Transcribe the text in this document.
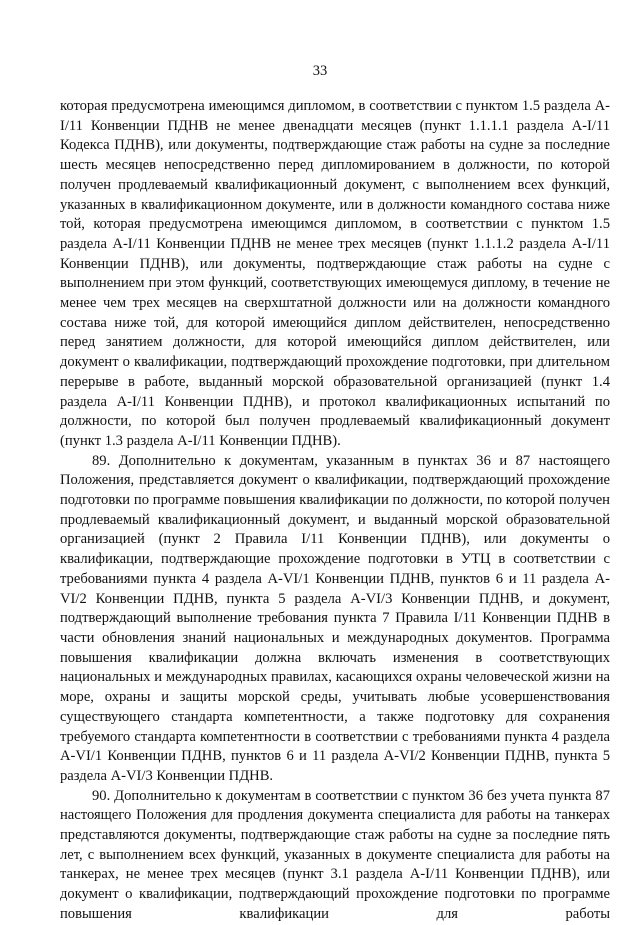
33

которая предусмотрена имеющимся дипломом, в соответствии с пунктом 1.5 раздела A-I/11 Конвенции ПДНВ не менее двенадцати месяцев (пункт 1.1.1.1 раздела A-I/11 Кодекса ПДНВ), или документы, подтверждающие стаж работы на судне за последние шесть месяцев непосредственно перед дипломированием в должности, по которой получен продлеваемый квалификационный документ, с выполнением всех функций, указанных в квалификационном документе, или в должности командного состава ниже той, которая предусмотрена имеющимся дипломом, в соответствии с пунктом 1.5 раздела A-I/11 Конвенции ПДНВ не менее трех месяцев (пункт 1.1.1.2 раздела A-I/11 Конвенции ПДНВ), или документы, подтверждающие стаж работы на судне с выполнением при этом функций, соответствующих имеющемуся диплому, в течение не менее чем трех месяцев на сверхштатной должности или на должности командного состава ниже той, для которой имеющийся диплом действителен, непосредственно перед занятием должности, для которой имеющийся диплом действителен, или документ о квалификации, подтверждающий прохождение подготовки, при длительном перерыве в работе, выданный морской образовательной организацией (пункт 1.4 раздела A-I/11 Конвенции ПДНВ), и протокол квалификационных испытаний по должности, по которой был получен продлеваемый квалификационный документ (пункт 1.3 раздела A-I/11 Конвенции ПДНВ).

89. Дополнительно к документам, указанным в пунктах 36 и 87 настоящего Положения, представляется документ о квалификации, подтверждающий прохождение подготовки по программе повышения квалификации по должности, по которой получен продлеваемый квалификационный документ, и выданный морской образовательной организацией (пункт 2 Правила I/11 Конвенции ПДНВ), или документы о квалификации, подтверждающие прохождение подготовки в УТЦ в соответствии с требованиями пункта 4 раздела A-VI/1 Конвенции ПДНВ, пунктов 6 и 11 раздела A-VI/2 Конвенции ПДНВ, пункта 5 раздела A-VI/3 Конвенции ПДНВ, и документ, подтверждающий выполнение требования пункта 7 Правила I/11 Конвенции ПДНВ в части обновления знаний национальных и международных документов. Программа повышения квалификации должна включать изменения в соответствующих национальных и международных правилах, касающихся охраны человеческой жизни на море, охраны и защиты морской среды, учитывать любые усовершенствования существующего стандарта компетентности, а также подготовку для сохранения требуемого стандарта компетентности в соответствии с требованиями пункта 4 раздела A-VI/1 Конвенции ПДНВ, пунктов 6 и 11 раздела A-VI/2 Конвенции ПДНВ, пункта 5 раздела A-VI/3 Конвенции ПДНВ.

90. Дополнительно к документам в соответствии с пунктом 36 без учета пункта 87 настоящего Положения для продления документа специалиста для работы на танкерах представляются документы, подтверждающие стаж работы на судне за последние пять лет, с выполнением всех функций, указанных в документе специалиста для работы на танкерах, не менее трех месяцев (пункт 3.1 раздела A-I/11 Конвенции ПДНВ), или документ о квалификации, подтверждающий прохождение подготовки по программе повышения квалификации для работы
